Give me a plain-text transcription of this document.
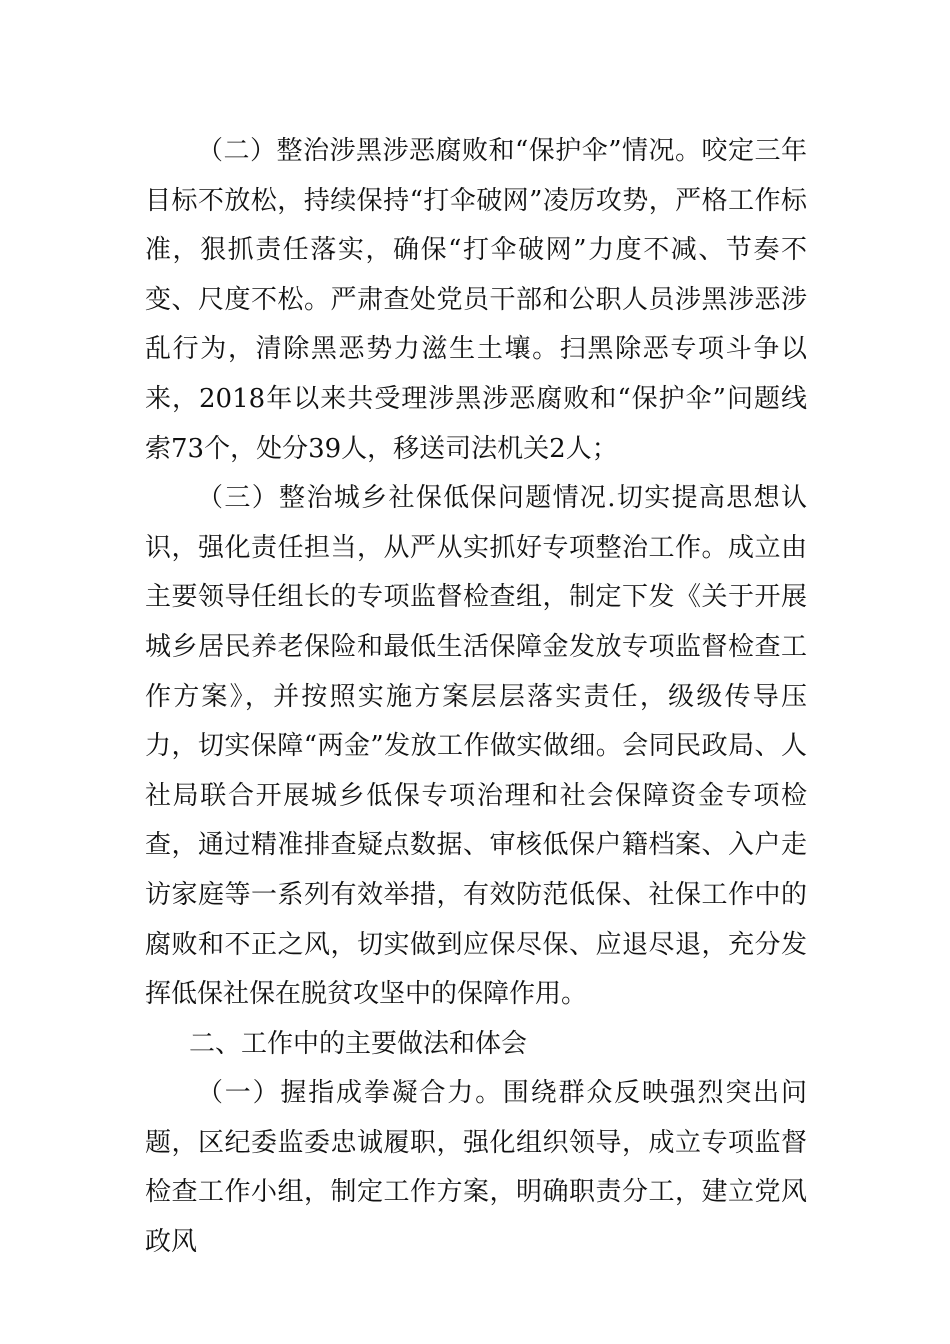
（二）整治涉黑涉恶腐败和“保护伞”情况。咬定三年目标不放松，持续保持“打伞破网”凌厉攻势，严格工作标准，狠抓责任落实，确保“打伞破网”力度不减、节奏不变、尺度不松。严肃查处党员干部和公职人员涉黑涉恶涉乱行为，清除黑恶势力滋生土壤。扫黑除恶专项斗争以来，2018年以来共受理涉黑涉恶腐败和“保护伞”问题线索73个，处分39人，移送司法机关2人；

（三）整治城乡社保低保问题情况.切实提高思想认识，强化责任担当，从严从实抓好专项整治工作。成立由主要领导任组长的专项监督检查组，制定下发《关于开展城乡居民养老保险和最低生活保障金发放专项监督检查工作方案》，并按照实施方案层层落实责任，级级传导压力，切实保障“两金”发放工作做实做细。会同民政局、人社局联合开展城乡低保专项治理和社会保障资金专项检查，通过精准排查疑点数据、审核低保户籍档案、入户走访家庭等一系列有效举措，有效防范低保、社保工作中的腐败和不正之风，切实做到应保尽保、应退尽退，充分发挥低保社保在脱贫攻坚中的保障作用。

二、工作中的主要做法和体会

（一）握指成拳凝合力。围绕群众反映强烈突出问题，区纪委监委忠诚履职，强化组织领导，成立专项监督检查工作小组，制定工作方案，明确职责分工，建立党风政风
